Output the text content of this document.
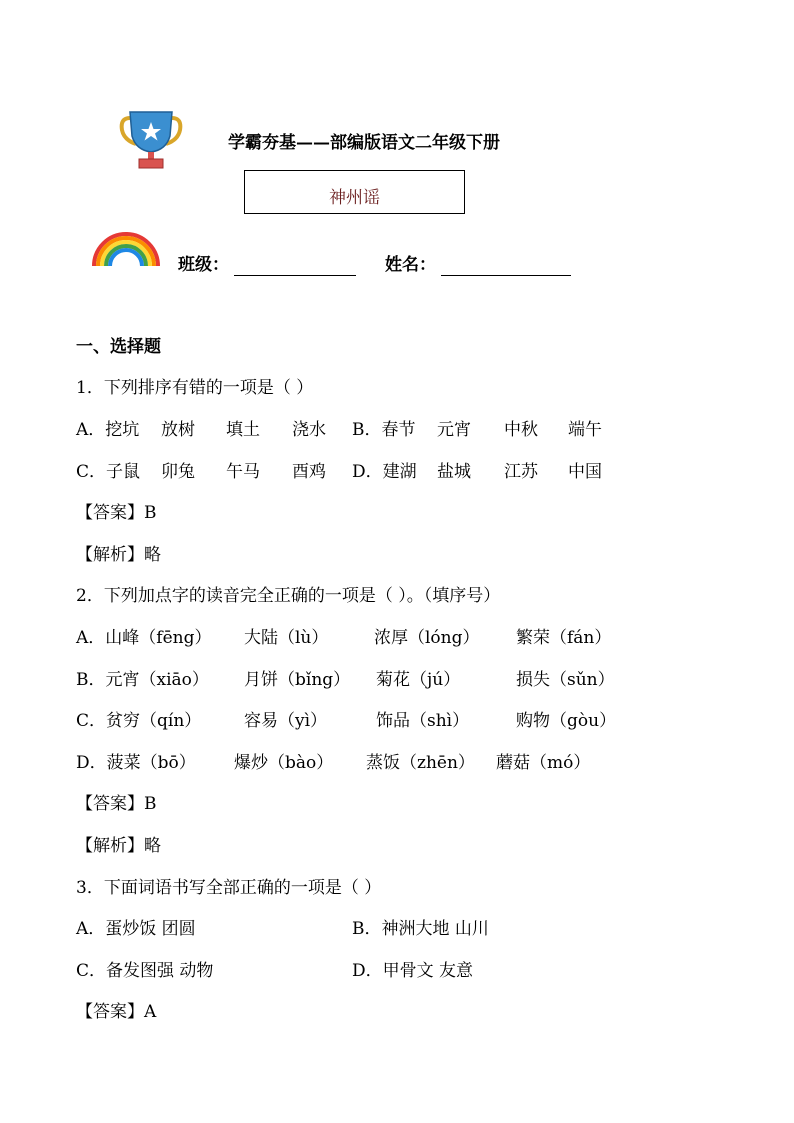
学霸夯基——部编版语文二年级下册
神州谣
班级：	姓名：
一、选择题
1．下列排序有错的一项是（ ）
A．挖坑 放树 填土 浇水 B．春节 元宵 中秋 端午
C．子鼠 卯兔 午马 酉鸡 D．建湖 盐城 江苏 中国
【答案】B
【解析】略
2．下列加点字的读音完全正确的一项是（ ）。（填序号）
A．山峰（fēng） 大陆（lù）	浓厚（lóng） 繁荣（fán）
B．元宵（xiāo） 月饼（bǐng） 菊花（jú）	损失（sǔn）
C．贫穷（qín）	容易（yì）	饰品（shì）	购物（gòu）
D．菠菜（bō） 爆炒（bào） 蒸饭（zhēn） 蘑菇（mó）
【答案】B
【解析】略
3．下面词语书写全部正确的一项是（ ）
A．蛋炒饭 团圆	B．神洲大地 山川
C．备发图强 动物	D．甲骨文 友意
【答案】A
